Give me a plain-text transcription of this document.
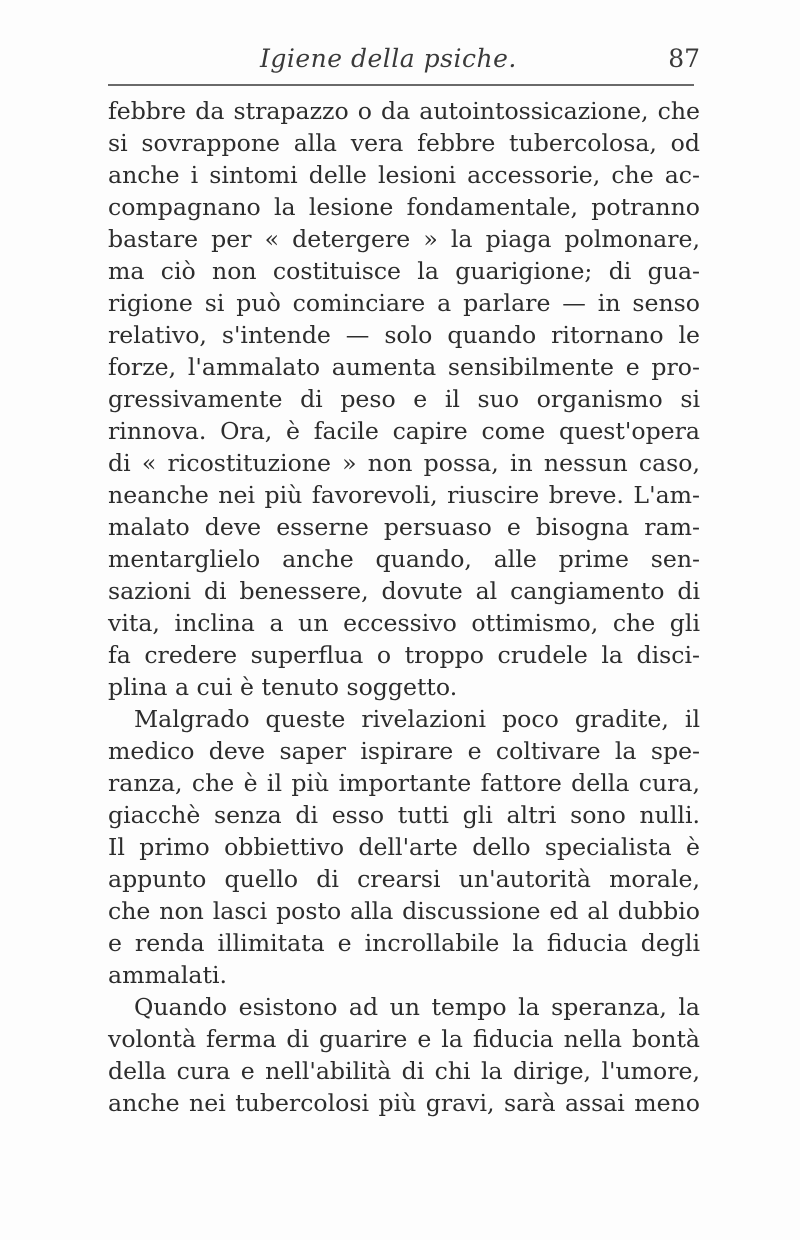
Igiene della psiche.	87
febbre da strapazzo o da autointossicazione, che
si sovrappone alla vera febbre tubercolosa, od
anche i sintomi delle lesioni accessorie, che ac-
compagnano la lesione fondamentale, potranno
bastare per « detergere » la piaga polmonare,
ma ciò non costituisce la guarigione; di gua-
rigione si può cominciare a parlare — in senso
relativo, s'intende — solo quando ritornano le
forze, l'ammalato aumenta sensibilmente e pro-
gressivamente di peso e il suo organismo si
rinnova. Ora, è facile capire come quest'opera
di « ricostituzione » non possa, in nessun caso,
neanche nei più favorevoli, riuscire breve. L'am-
malato deve esserne persuaso e bisogna ram-
mentarglielo anche quando, alle prime sen-
sazioni di benessere, dovute al cangiamento di
vita, inclina a un eccessivo ottimismo, che gli
fa credere superflua o troppo crudele la disci-
plina a cui è tenuto soggetto.
Malgrado queste rivelazioni poco gradite, il
medico deve saper ispirare e coltivare la spe-
ranza, che è il più importante fattore della cura,
giacchè senza di esso tutti gli altri sono nulli.
Il primo obbiettivo dell'arte dello specialista è
appunto quello di crearsi un'autorità morale,
che non lasci posto alla discussione ed al dubbio
e renda illimitata e incrollabile la fiducia degli
ammalati.
Quando esistono ad un tempo la speranza, la
volontà ferma di guarire e la fiducia nella bontà
della cura e nell'abilità di chi la dirige, l'umore,
anche nei tubercolosi più gravi, sarà assai meno
